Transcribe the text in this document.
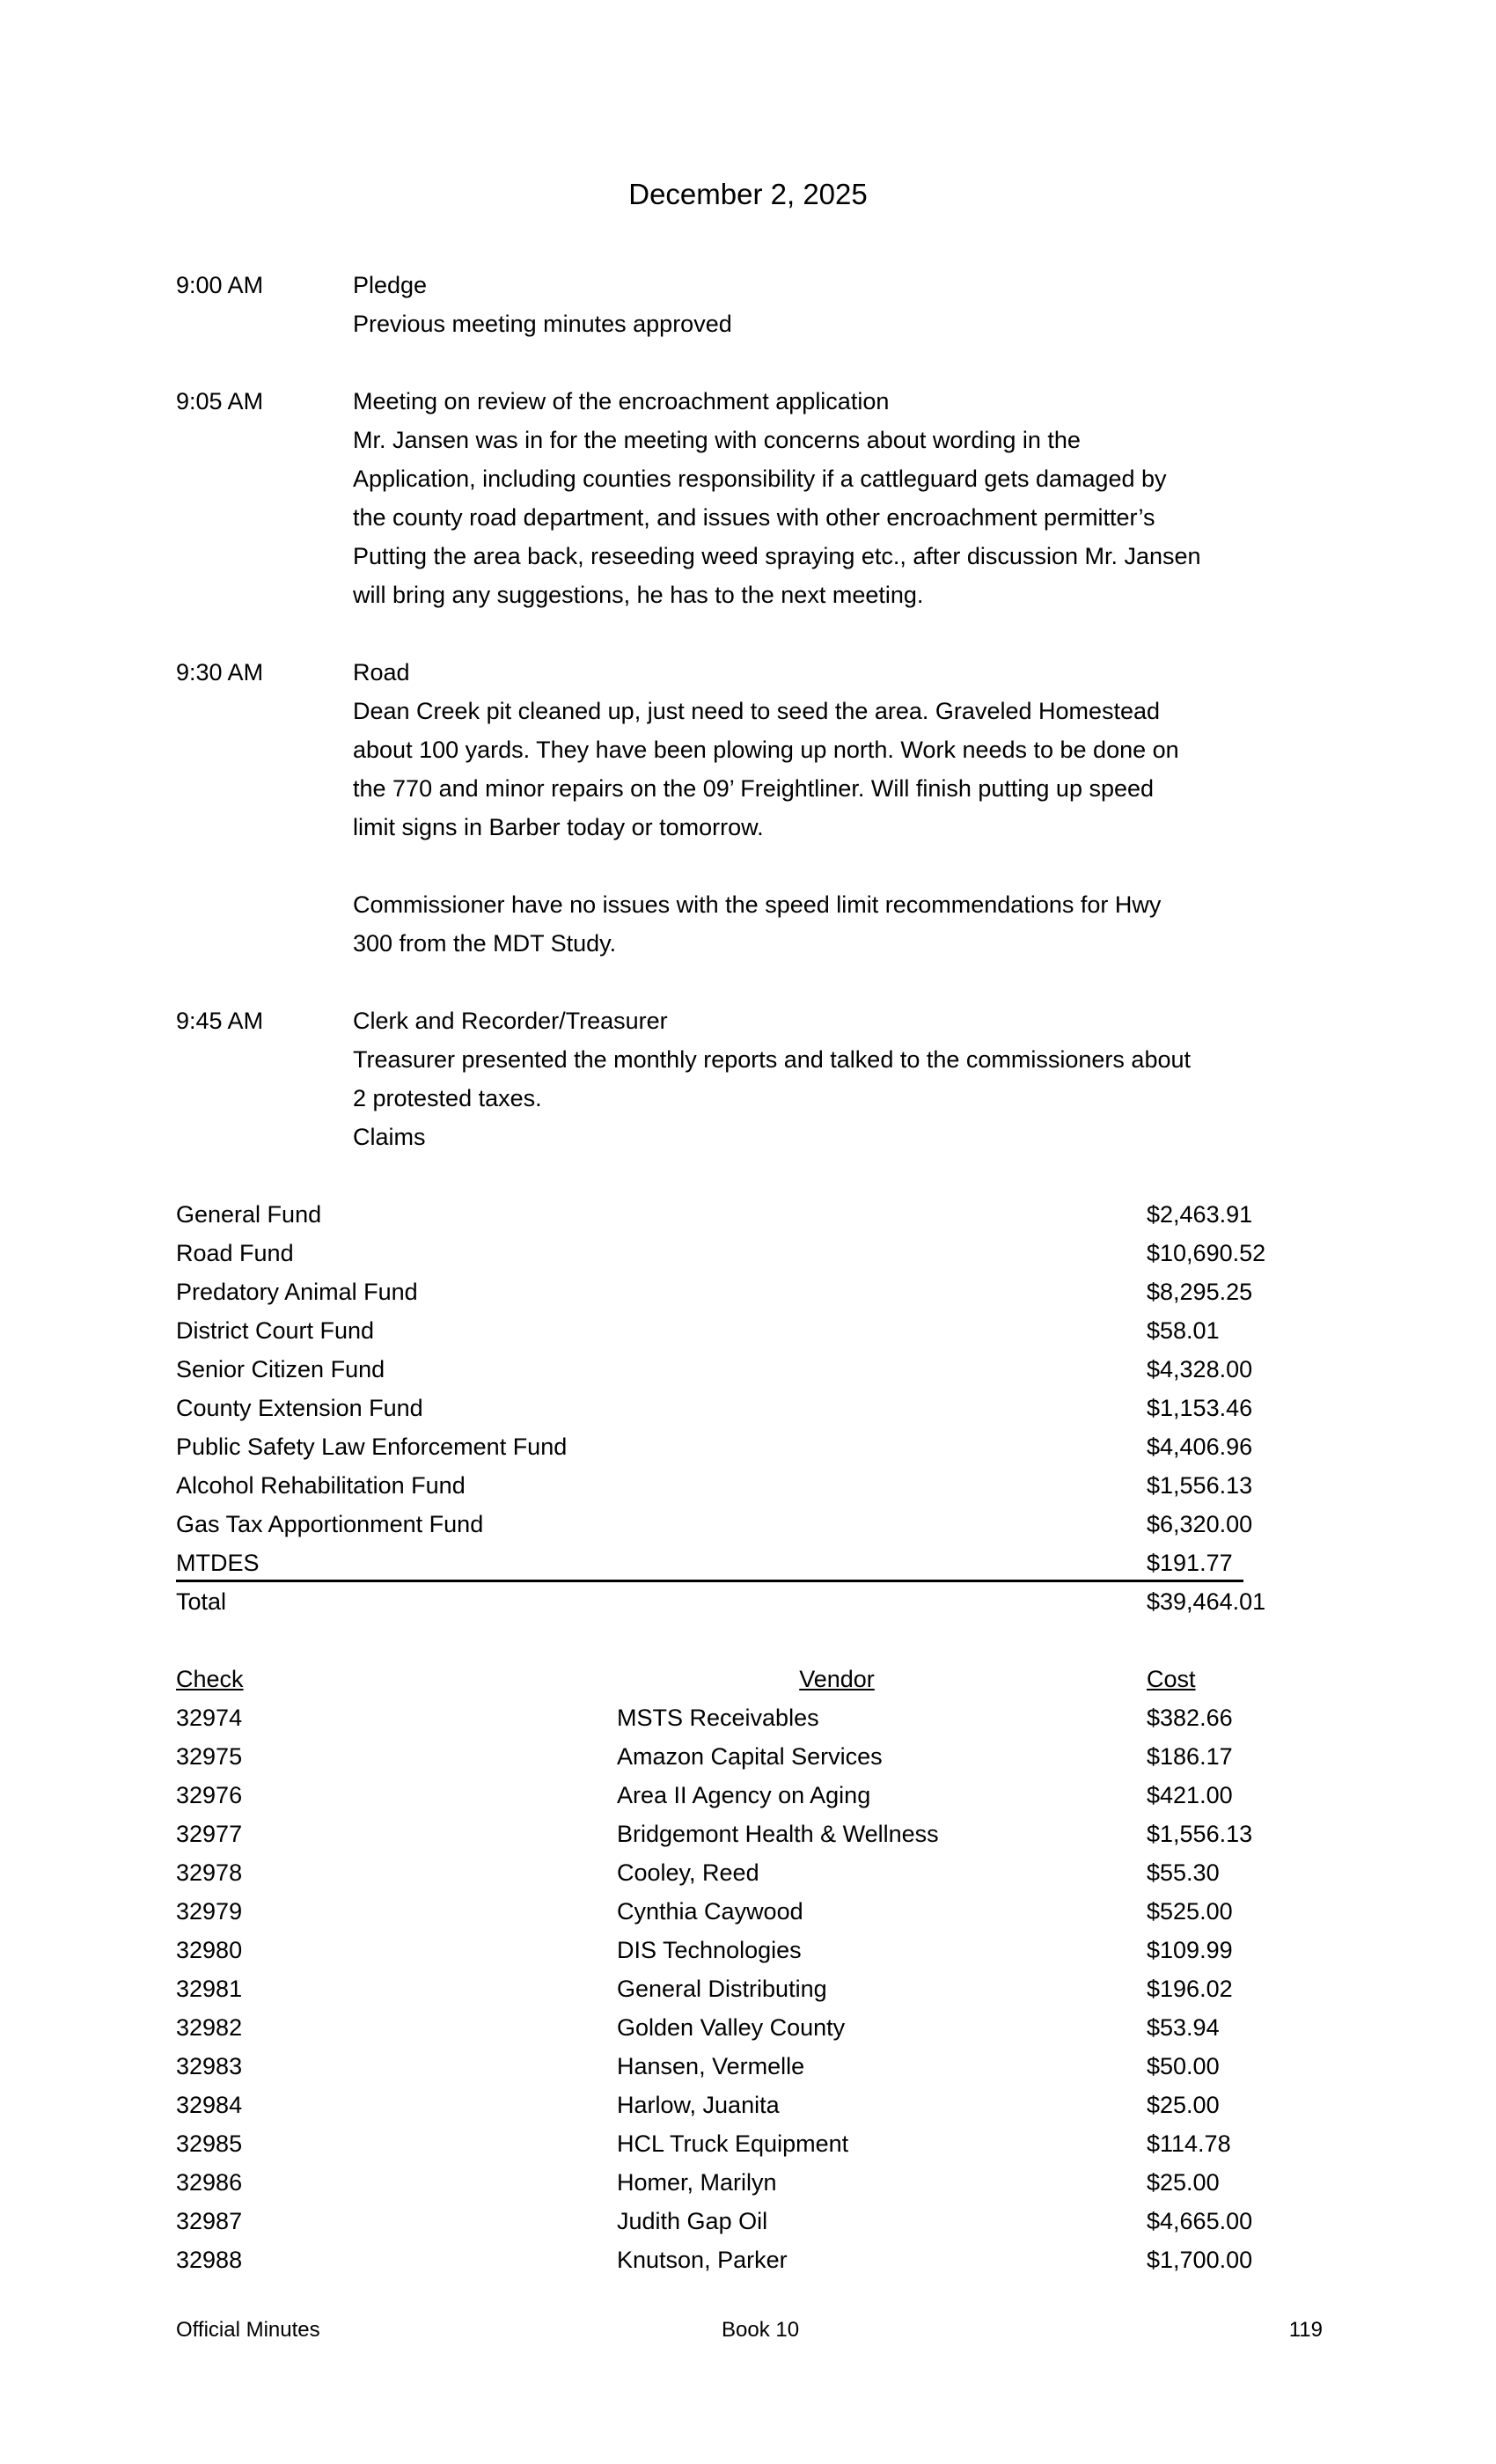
December 2, 2025
9:00 AM	Pledge
Previous meeting minutes approved
9:05 AM	Meeting on review of the encroachment application
Mr. Jansen was in for the meeting with concerns about wording in the
Application, including counties responsibility if a cattleguard gets damaged by
the county road department, and issues with other encroachment permitter’s
Putting the area back, reseeding weed spraying etc., after discussion Mr. Jansen
will bring any suggestions, he has to the next meeting.
9:30 AM	Road
Dean Creek pit cleaned up, just need to seed the area. Graveled Homestead
about 100 yards. They have been plowing up north. Work needs to be done on
the 770 and minor repairs on the 09’ Freightliner. Will finish putting up speed
limit signs in Barber today or tomorrow.
Commissioner have no issues with the speed limit recommendations for Hwy
300 from the MDT Study.
9:45 AM	Clerk and Recorder/Treasurer
Treasurer presented the monthly reports and talked to the commissioners about
2 protested taxes.
Claims
General Fund	$2,463.91
Road Fund	$10,690.52
Predatory Animal Fund	$8,295.25
District Court Fund	$58.01
Senior Citizen Fund	$4,328.00
County Extension Fund	$1,153.46
Public Safety Law Enforcement Fund	$4,406.96
Alcohol Rehabilitation Fund	$1,556.13
Gas Tax Apportionment Fund	$6,320.00
MTDES	$191.77
Total	$39,464.01
Check	Vendor	Cost
32974	MSTS Receivables	$382.66
32975	Amazon Capital Services	$186.17
32976	Area II Agency on Aging	$421.00
32977	Bridgemont Health & Wellness	$1,556.13
32978	Cooley, Reed	$55.30
32979	Cynthia Caywood	$525.00
32980	DIS Technologies	$109.99
32981	General Distributing	$196.02
32982	Golden Valley County	$53.94
32983	Hansen, Vermelle	$50.00
32984	Harlow, Juanita	$25.00
32985	HCL Truck Equipment	$114.78
32986	Homer, Marilyn	$25.00
32987	Judith Gap Oil	$4,665.00
32988	Knutson, Parker	$1,700.00
Official Minutes	Book 10	119
